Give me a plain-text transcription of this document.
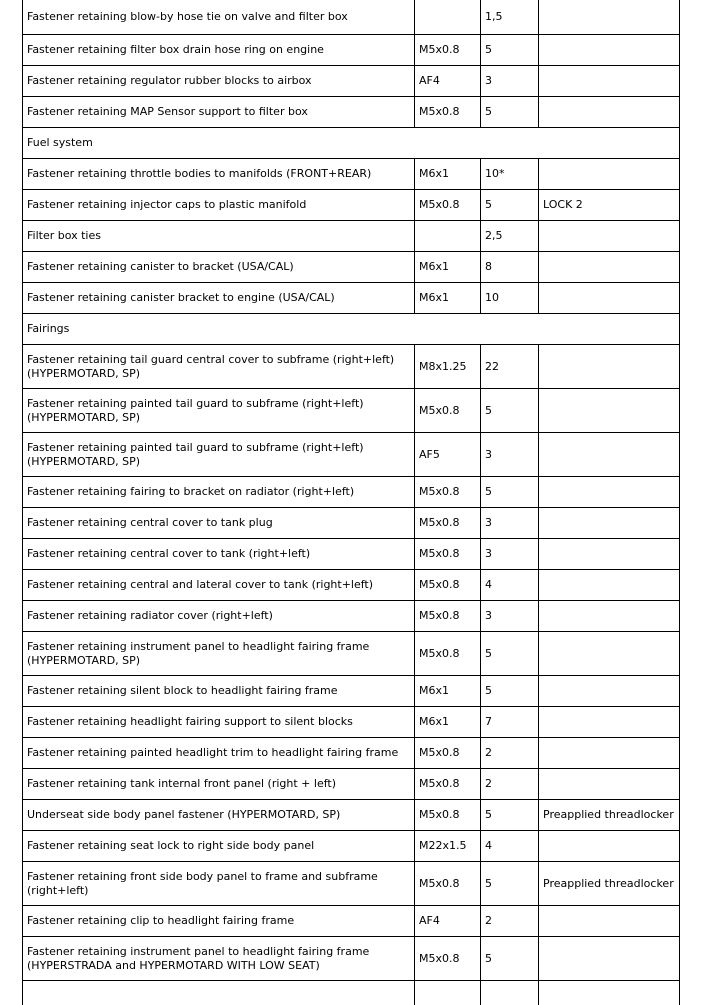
Fastener retaining blow-by hose tie on valve and filter box		1,5	
Fastener retaining filter box drain hose ring on engine	M5x0.8	5	
Fastener retaining regulator rubber blocks to airbox	AF4	3	
Fastener retaining MAP Sensor support to filter box	M5x0.8	5	
Fuel system			
Fastener retaining throttle bodies to manifolds (FRONT+REAR)	M6x1	10*	
Fastener retaining injector caps to plastic manifold	M5x0.8	5	LOCK 2
Filter box ties		2,5	
Fastener retaining canister to bracket (USA/CAL)	M6x1	8	
Fastener retaining canister bracket to engine (USA/CAL)	M6x1	10	
Fairings			
Fastener retaining tail guard central cover to subframe (right+left) (HYPERMOTARD, SP)	M8x1.25	22	
Fastener retaining painted tail guard to subframe (right+left) (HYPERMOTARD, SP)	M5x0.8	5	
Fastener retaining painted tail guard to subframe (right+left) (HYPERMOTARD, SP)	AF5	3	
Fastener retaining fairing to bracket on radiator (right+left)	M5x0.8	5	
Fastener retaining central cover to tank plug	M5x0.8	3	
Fastener retaining central cover to tank (right+left)	M5x0.8	3	
Fastener retaining central and lateral cover to tank (right+left)	M5x0.8	4	
Fastener retaining radiator cover (right+left)	M5x0.8	3	
Fastener retaining instrument panel to headlight fairing frame (HYPERMOTARD, SP)	M5x0.8	5	
Fastener retaining silent block to headlight fairing frame	M6x1	5	
Fastener retaining headlight fairing support to silent blocks	M6x1	7	
Fastener retaining painted headlight trim to headlight fairing frame	M5x0.8	2	
Fastener retaining tank internal front panel (right + left)	M5x0.8	2	
Underseat side body panel fastener (HYPERMOTARD, SP)	M5x0.8	5	Preapplied threadlocker
Fastener retaining seat lock to right side body panel	M22x1.5	4	
Fastener retaining front side body panel to frame and subframe (right+left)	M5x0.8	5	Preapplied threadlocker
Fastener retaining clip to headlight fairing frame	AF4	2	
Fastener retaining instrument panel to headlight fairing frame (HYPERSTRADA and HYPERMOTARD WITH LOW SEAT)	M5x0.8	5	
